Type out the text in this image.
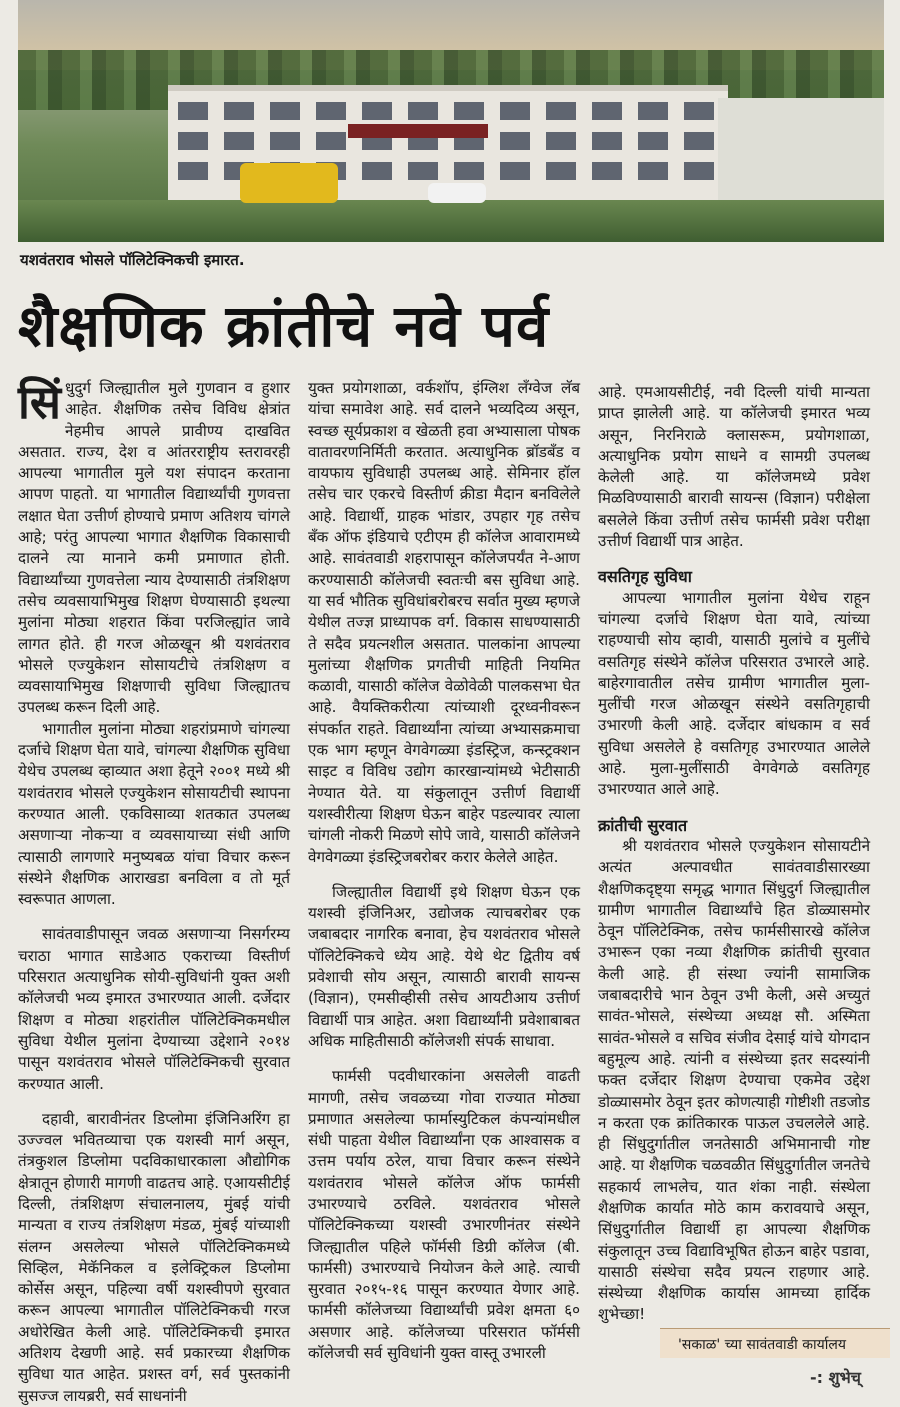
यशवंतराव भोसले पॉलिटेक्निकची इमारत.
शैक्षणिक क्रांतीचे नवे पर्व

सिंधुदुर्ग जिल्ह्यातील मुले गुणवान व हुशार आहेत. शैक्षणिक तसेच विविध क्षेत्रांत नेहमीच आपले प्रावीण्य दाखवित असतात. राज्य, देश व आंतरराष्ट्रीय स्तरावरही आपल्या भागातील मुले यश संपादन करताना आपण पाहतो. या भागातील विद्यार्थ्यांची गुणवत्ता लक्षात घेता उत्तीर्ण होण्याचे प्रमाण अतिशय चांगले आहे; परंतु आपल्या भागात शैक्षणिक विकासाची दालने त्या मानाने कमी प्रमाणात होती. विद्यार्थ्यांच्या गुणवत्तेला न्याय देण्यासाठी तंत्रशिक्षण तसेच व्यवसायाभिमुख शिक्षण घेण्यासाठी इथल्या मुलांना मोठ्या शहरात किंवा परजिल्ह्यांत जावे लागत होते. ही गरज ओळखून श्री यशवंतराव भोसले एज्युकेशन सोसायटीचे तंत्रशिक्षण व व्यवसायाभिमुख शिक्षणाची सुविधा जिल्ह्यातच उपलब्ध करून दिली आहे.

भागातील मुलांना मोठ्या शहरांप्रमाणे चांगल्या दर्जाचे शिक्षण घेता यावे, चांगल्या शैक्षणिक सुविधा येथेच उपलब्ध व्हाव्यात अशा हेतूने २००१ मध्ये श्री यशवंतराव भोसले एज्युकेशन सोसायटीची स्थापना करण्यात आली. एकविसाव्या शतकात उपलब्ध असणाऱ्या नोकऱ्या व व्यवसायाच्या संधी आणि त्यासाठी लागणारे मनुष्यबळ यांचा विचार करून संस्थेने शैक्षणिक आराखडा बनविला व तो मूर्त स्वरूपात आणला.

सावंतवाडीपासून जवळ असणाऱ्या निसर्गरम्य चराठा भागात साडेआठ एकराच्या विस्तीर्ण परिसरात अत्याधुनिक सोयी-सुविधांनी युक्त अशी कॉलेजची भव्य इमारत उभारण्यात आली. दर्जेदार शिक्षण व मोठ्या शहरांतील पॉलिटेक्निकमधील सुविधा येथील मुलांना देण्याच्या उद्देशाने २०१४ पासून यशवंतराव भोसले पॉलिटेक्निकची सुरवात करण्यात आली.

दहावी, बारावीनंतर डिप्लोमा इंजिनिअरिंग हा उज्ज्वल भवितव्याचा एक यशस्वी मार्ग असून, तंत्रकुशल डिप्लोमा पदविकाधारकाला औद्योगिक क्षेत्रातून होणारी मागणी वाढतच आहे. एआयसीटीई दिल्ली, तंत्रशिक्षण संचालनालय, मुंबई यांची मान्यता व राज्य तंत्रशिक्षण मंडळ, मुंबई यांच्याशी संलग्न असलेल्या भोसले पॉलिटेक्निकमध्ये सिव्हिल, मेकॅनिकल व इलेक्ट्रिकल डिप्लोमा कोर्सेस असून, पहिल्या वर्षी यशस्वीपणे सुरवात करून आपल्या भागातील पॉलिटेक्निकची गरज अधोरेखित केली आहे. पॉलिटेक्निकची इमारत अतिशय देखणी आहे. सर्व प्रकारच्या शैक्षणिक सुविधा यात आहेत. प्रशस्त वर्ग, सर्व पुस्तकांनी सुसज्ज लायब्ररी, सर्व साधनांनी

युक्त प्रयोगशाळा, वर्कशॉप, इंग्लिश लॅंग्वेज लॅब यांचा समावेश आहे. सर्व दालने भव्यदिव्य असून, स्वच्छ सूर्यप्रकाश व खेळती हवा अभ्यासाला पोषक वातावरणनिर्मिती करतात. अत्याधुनिक ब्रॉडबॅंड व वायफाय सुविधाही उपलब्ध आहे. सेमिनार हॉल तसेच चार एकरचे विस्तीर्ण क्रीडा मैदान बनविलेले आहे. विद्यार्थी, ग्राहक भांडार, उपहार गृह तसेच बॅंक ऑफ इंडियाचे एटीएम ही कॉलेज आवारामध्ये आहे. सावंतवाडी शहरापासून कॉलेजपर्यंत ने-आण करण्यासाठी कॉलेजची स्वतःची बस सुविधा आहे. या सर्व भौतिक सुविधांबरोबरच सर्वात मुख्य म्हणजे येथील तज्ज्ञ प्राध्यापक वर्ग. विकास साधण्यासाठी ते सदैव प्रयत्नशील असतात. पालकांना आपल्या मुलांच्या शैक्षणिक प्रगतीची माहिती नियमित कळावी, यासाठी कॉलेज वेळोवेळी पालकसभा घेत आहे. वैयक्तिकरीत्या त्यांच्याशी दूरध्वनीवरून संपर्कात राहते. विद्यार्थ्यांना त्यांच्या अभ्यासक्रमाचा एक भाग म्हणून वेगवेगळ्या इंडस्ट्रिज, कन्स्ट्रक्शन साइट व विविध उद्योग कारखान्यांमध्ये भेटीसाठी नेण्यात येते. या संकुलातून उत्तीर्ण विद्यार्थी यशस्वीरीत्या शिक्षण घेऊन बाहेर पडल्यावर त्याला चांगली नोकरी मिळणे सोपे जावे, यासाठी कॉलेजने वेगवेगळ्या इंडस्ट्रिजबरोबर करार केलेले आहेत.

जिल्ह्यातील विद्यार्थी इथे शिक्षण घेऊन एक यशस्वी इंजिनिअर, उद्योजक त्याचबरोबर एक जबाबदार नागरिक बनावा, हेच यशवंतराव भोसले पॉलिटेक्निकचे ध्येय आहे. येथे थेट द्वितीय वर्ष प्रवेशाची सोय असून, त्यासाठी बारावी सायन्स (विज्ञान), एमसीव्हीसी तसेच आयटीआय उत्तीर्ण विद्यार्थी पात्र आहेत. अशा विद्यार्थ्यांनी प्रवेशाबाबत अधिक माहितीसाठी कॉलेजशी संपर्क साधावा.

फार्मसी पदवीधारकांना असलेली वाढती मागणी, तसेच जवळच्या गोवा राज्यात मोठ्या प्रमाणात असलेल्या फार्मास्युटिकल कंपन्यांमधील संधी पाहता येथील विद्यार्थ्यांना एक आश्वासक व उत्तम पर्याय ठरेल, याचा विचार करून संस्थेने यशवंतराव भोसले कॉलेज ऑफ फार्मसी उभारण्याचे ठरविले. यशवंतराव भोसले पॉलिटेक्निकच्या यशस्वी उभारणीनंतर संस्थेने जिल्ह्यातील पहिले फॉर्मसी डिग्री कॉलेज (बी. फार्मसी) उभारण्याचे नियोजन केले आहे. त्याची सुरवात २०१५-१६ पासून करण्यात येणार आहे. फार्मसी कॉलेजच्या विद्यार्थ्यांची प्रवेश क्षमता ६० असणार आहे. कॉलेजच्या परिसरात फॉर्मसी कॉलेजची सर्व सुविधांनी युक्त वास्तू उभारली

आहे. एमआयसीटीई, नवी दिल्ली यांची मान्यता प्राप्त झालेली आहे. या कॉलेजची इमारत भव्य असून, निरनिराळे क्लासरूम, प्रयोगशाळा, अत्याधुनिक प्रयोग साधने व सामग्री उपलब्ध केलेली आहे. या कॉलेजमध्ये प्रवेश मिळविण्यासाठी बारावी सायन्स (विज्ञान) परीक्षेला बसलेले किंवा उत्तीर्ण तसेच फार्मसी प्रवेश परीक्षा उत्तीर्ण विद्यार्थी पात्र आहेत.

वसतिगृह सुविधा

आपल्या भागातील मुलांना येथेच राहून चांगल्या दर्जाचे शिक्षण घेता यावे, त्यांच्या राहण्याची सोय व्हावी, यासाठी मुलांचे व मुलींचे वसतिगृह संस्थेने कॉलेज परिसरात उभारले आहे. बाहेरगावातील तसेच ग्रामीण भागातील मुला-मुलींची गरज ओळखून संस्थेने वसतिगृहाची उभारणी केली आहे. दर्जेदार बांधकाम व सर्व सुविधा असलेले हे वसतिगृह उभारण्यात आलेले आहे. मुला-मुलींसाठी वेगवेगळे वसतिगृह उभारण्यात आले आहे.

क्रांतीची सुरवात

श्री यशवंतराव भोसले एज्युकेशन सोसायटीने अत्यंत अल्पावधीत सावंतवाडीसारख्या शैक्षणिकदृष्ट्या समृद्ध भागात सिंधुदुर्ग जिल्ह्यातील ग्रामीण भागातील विद्यार्थ्यांचे हित डोळ्यासमोर ठेवून पॉलिटेक्निक, तसेच फार्मसीसारखे कॉलेज उभारून एका नव्या शैक्षणिक क्रांतीची सुरवात केली आहे. ही संस्था ज्यांनी सामाजिक जबाबदारीचे भान ठेवून उभी केली, असे अच्युतं सावंत-भोसले, संस्थेच्या अध्यक्ष सौ. अस्मिता सावंत-भोसले व सचिव संजीव देसाई यांचे योगदान बहुमूल्य आहे. त्यांनी व संस्थेच्या इतर सदस्यांनी फक्त दर्जेदार शिक्षण देण्याचा एकमेव उद्देश डोळ्यासमोर ठेवून इतर कोणत्याही गोष्टीशी तडजोड न करता एक क्रांतिकारक पाऊल उचललेले आहे. ही सिंधुदुर्गातील जनतेसाठी अभिमानाची गोष्ट आहे. या शैक्षणिक चळवळीत सिंधुदुर्गातील जनतेचे सहकार्य लाभलेच, यात शंका नाही. संस्थेला शैक्षणिक कार्यात मोठे काम करावयाचे असून, सिंधुदुर्गातील विद्यार्थी हा आपल्या शैक्षणिक संकुलातून उच्च विद्याविभूषित होऊन बाहेर पडावा, यासाठी संस्थेचा सदैव प्रयत्न राहणार आहे. संस्थेच्या शैक्षणिक कार्यास आमच्या हार्दिक शुभेच्छा!

'सकाळ' च्या सावंतवाडी कार्यालय
-: शुभेच्
